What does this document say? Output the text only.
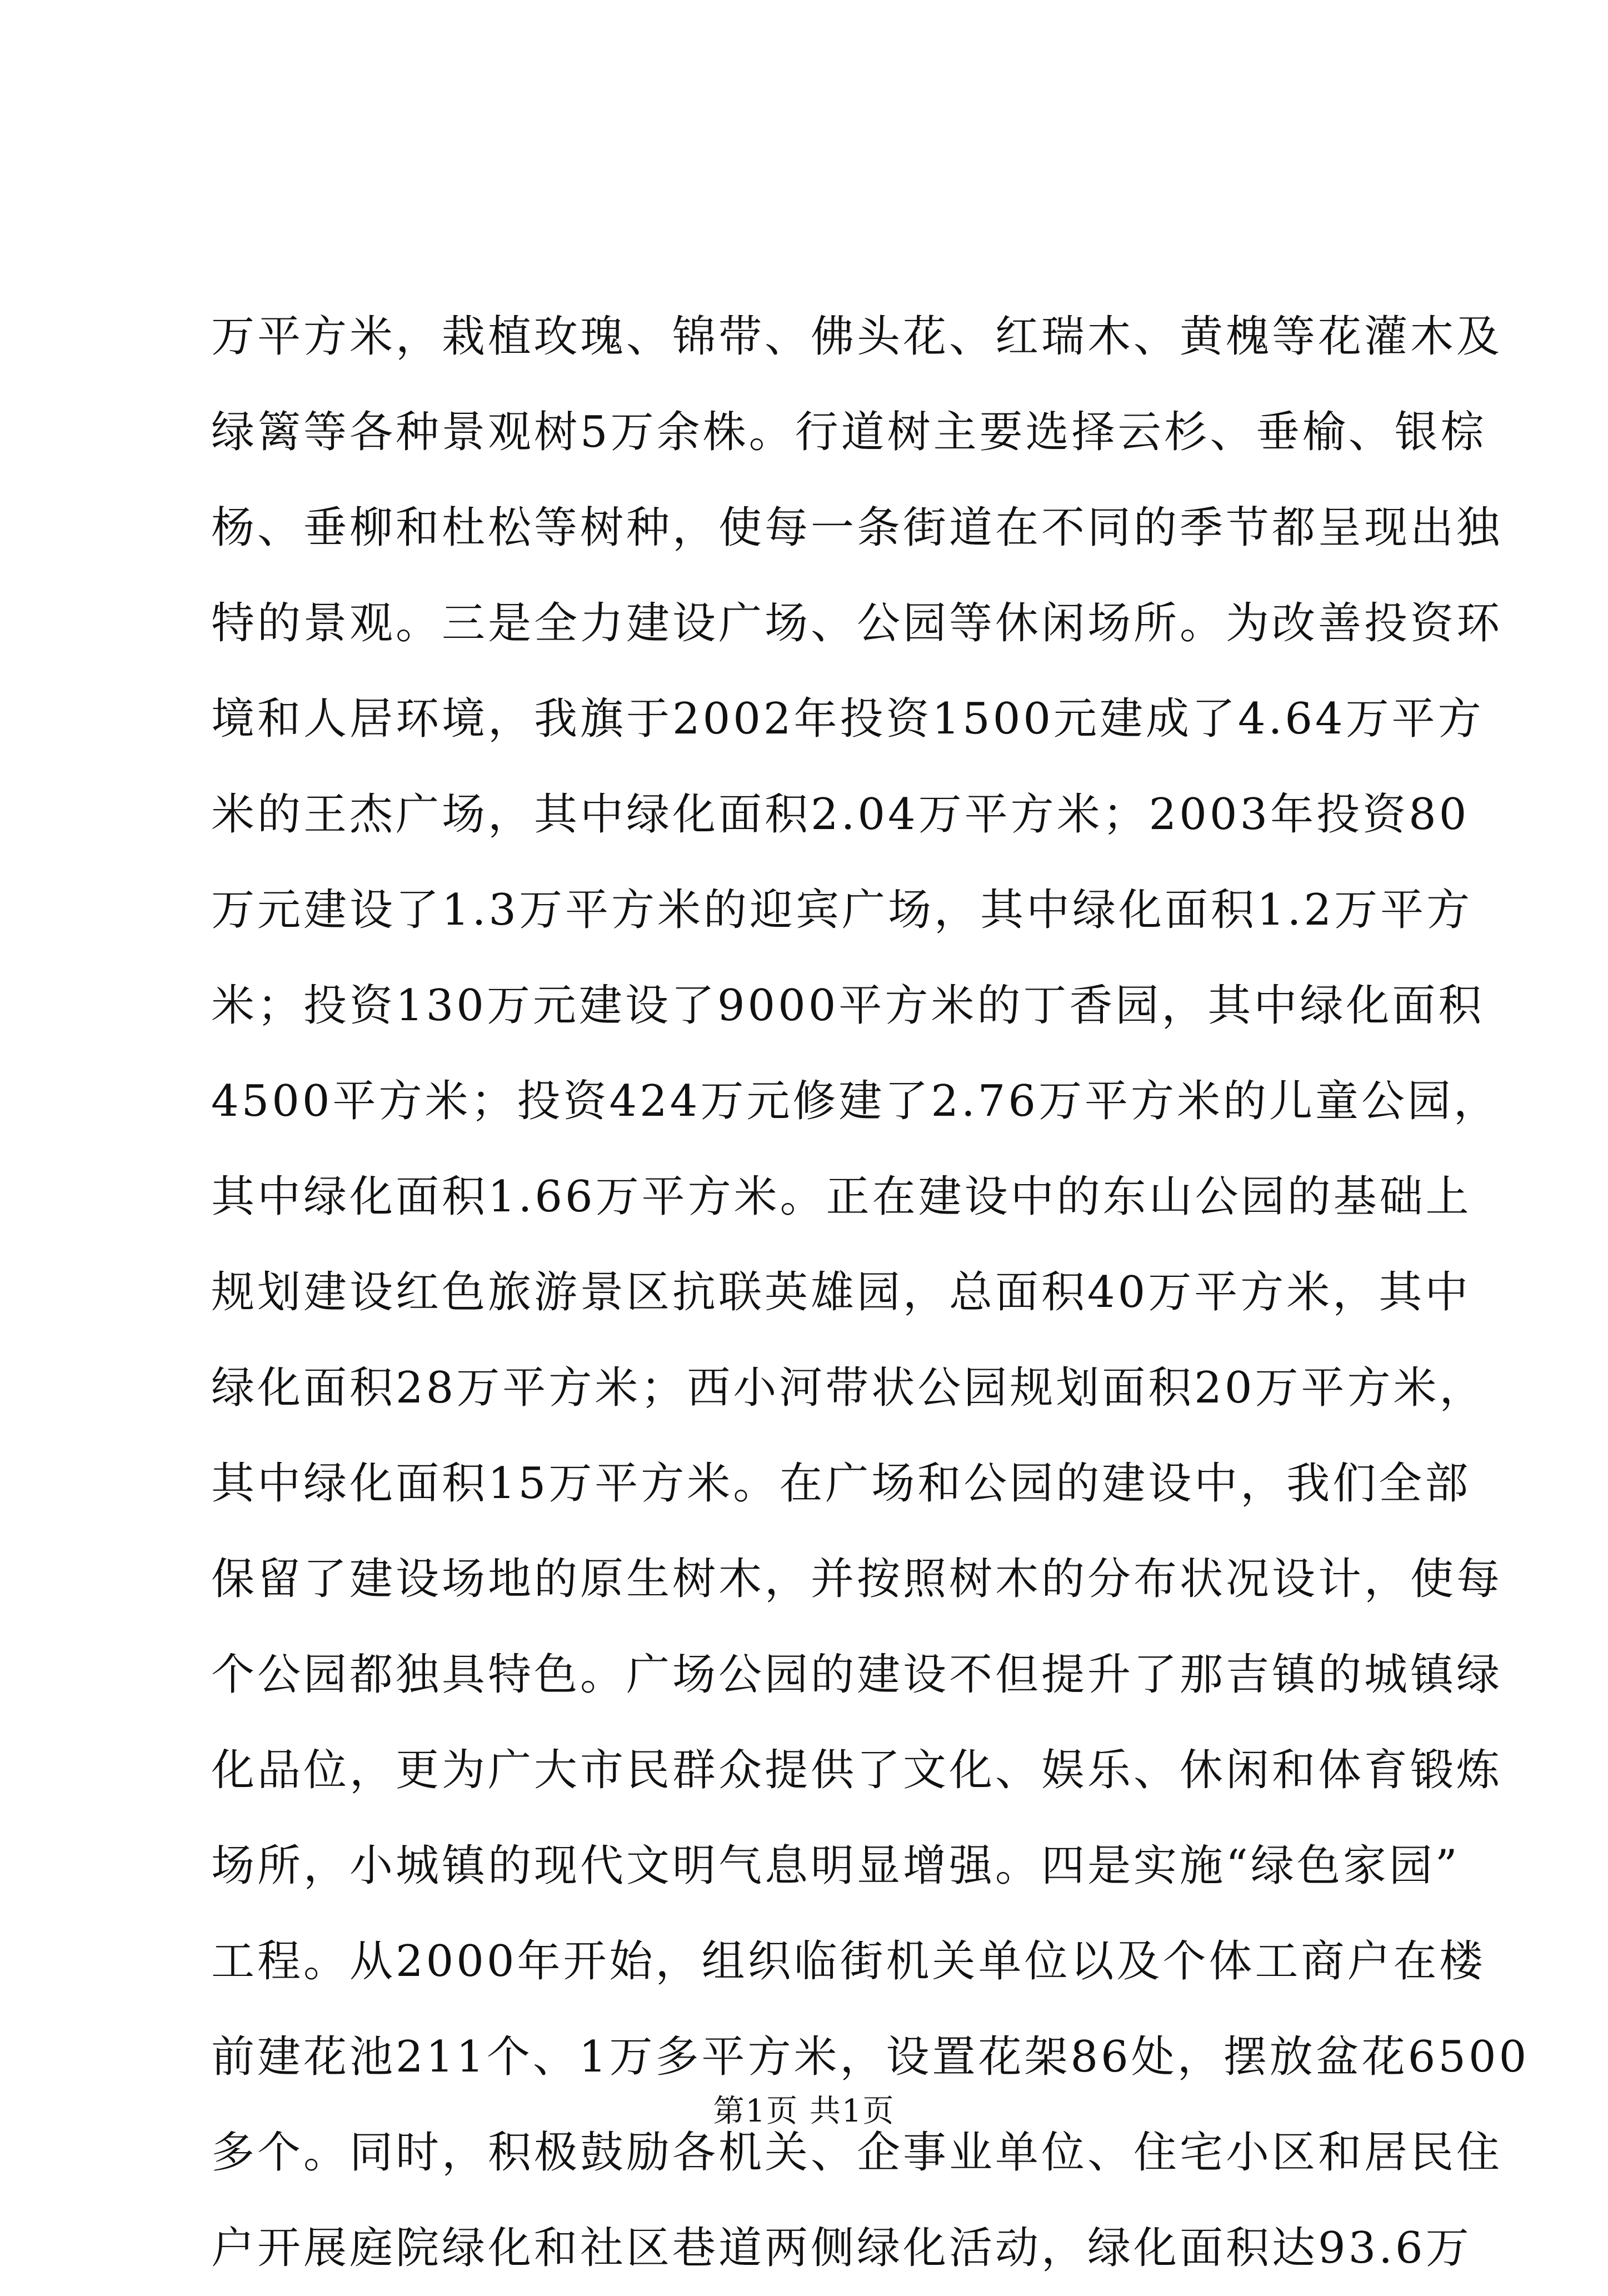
万平方米，栽植玫瑰、锦带、佛头花、红瑞木、黄槐等花灌木及
绿篱等各种景观树5万余株。行道树主要选择云杉、垂榆、银棕
杨、垂柳和杜松等树种，使每一条街道在不同的季节都呈现出独
特的景观。三是全力建设广场、公园等休闲场所。为改善投资环
境和人居环境，我旗于2002年投资1500元建成了4.64万平方
米的王杰广场，其中绿化面积2.04万平方米；2003年投资80
万元建设了1.3万平方米的迎宾广场，其中绿化面积1.2万平方
米；投资130万元建设了9000平方米的丁香园，其中绿化面积
4500平方米；投资424万元修建了2.76万平方米的儿童公园，
其中绿化面积1.66万平方米。正在建设中的东山公园的基础上
规划建设红色旅游景区抗联英雄园，总面积40万平方米，其中
绿化面积28万平方米；西小河带状公园规划面积20万平方米，
其中绿化面积15万平方米。在广场和公园的建设中，我们全部
保留了建设场地的原生树木，并按照树木的分布状况设计，使每
个公园都独具特色。广场公园的建设不但提升了那吉镇的城镇绿
化品位，更为广大市民群众提供了文化、娱乐、休闲和体育锻炼
场所，小城镇的现代文明气息明显增强。四是实施“绿色家园”
工程。从2000年开始，组织临街机关单位以及个体工商户在楼
前建花池211个、1万多平方米，设置花架86处，摆放盆花6500
多个。同时，积极鼓励各机关、企事业单位、住宅小区和居民住
户开展庭院绿化和社区巷道两侧绿化活动，绿化面积达93.6万
第1页 共1页
